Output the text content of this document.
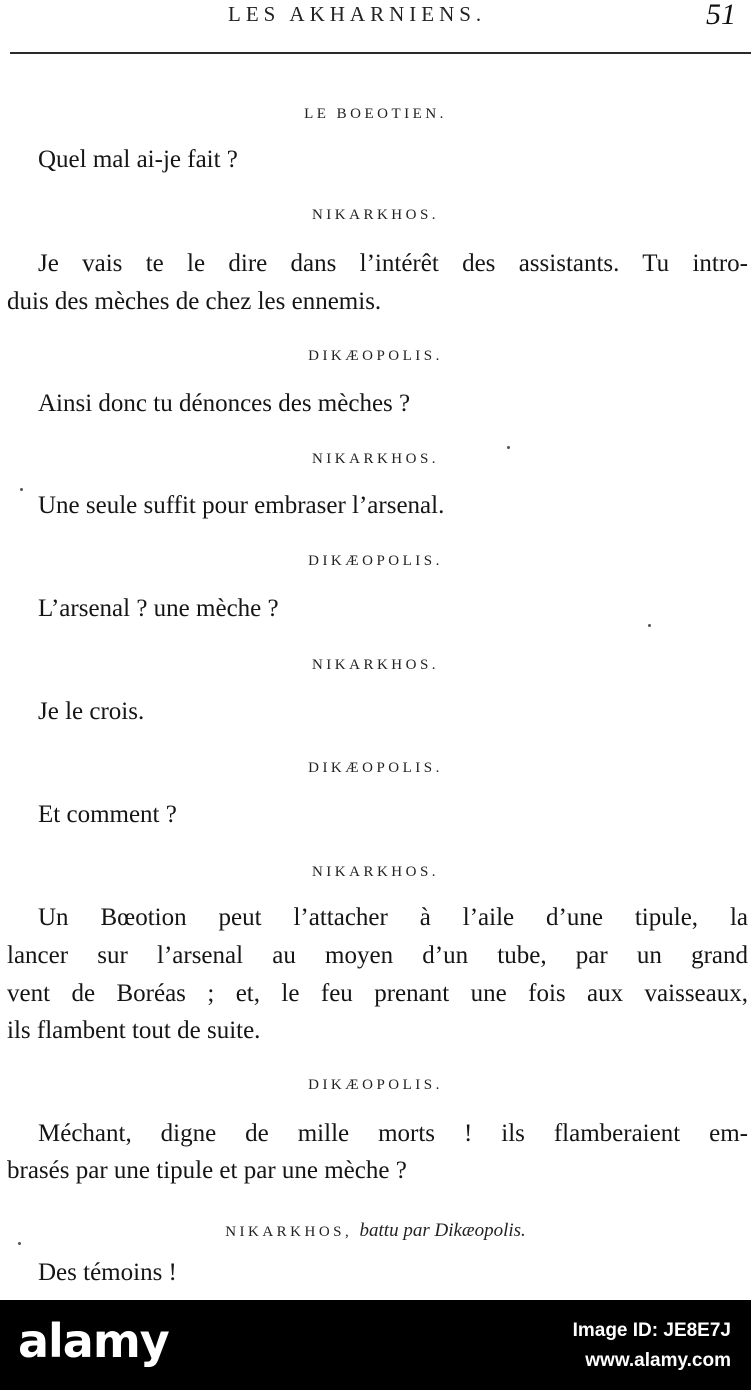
LES AKHARNIENS.	51
LE BOEOTIEN.
Quel mal ai-je fait ?
NIKARKHOS.
Je vais te le dire dans l’intérêt des assistants. Tu intro-
duis des mèches de chez les ennemis.
DIKÆOPOLIS.
Ainsi donc tu dénonces des mèches ?
NIKARKHOS.
Une seule suffit pour embraser l’arsenal.
DIKÆOPOLIS.
L’arsenal ? une mèche ?
NIKARKHOS.
Je le crois.
DIKÆOPOLIS.
Et comment ?
NIKARKHOS.
Un Bœotion peut l’attacher à l’aile d’une tipule, la
lancer sur l’arsenal au moyen d’un tube, par un grand
vent de Boréas ; et, le feu prenant une fois aux vaisseaux,
ils flambent tout de suite.
DIKÆOPOLIS.
Méchant, digne de mille morts ! ils flamberaient em-
brasés par une tipule et par une mèche ?
NIKARKHOS, battu par Dikæopolis.
Des témoins !
alamy	Image ID: JE8E7J
www.alamy.com
